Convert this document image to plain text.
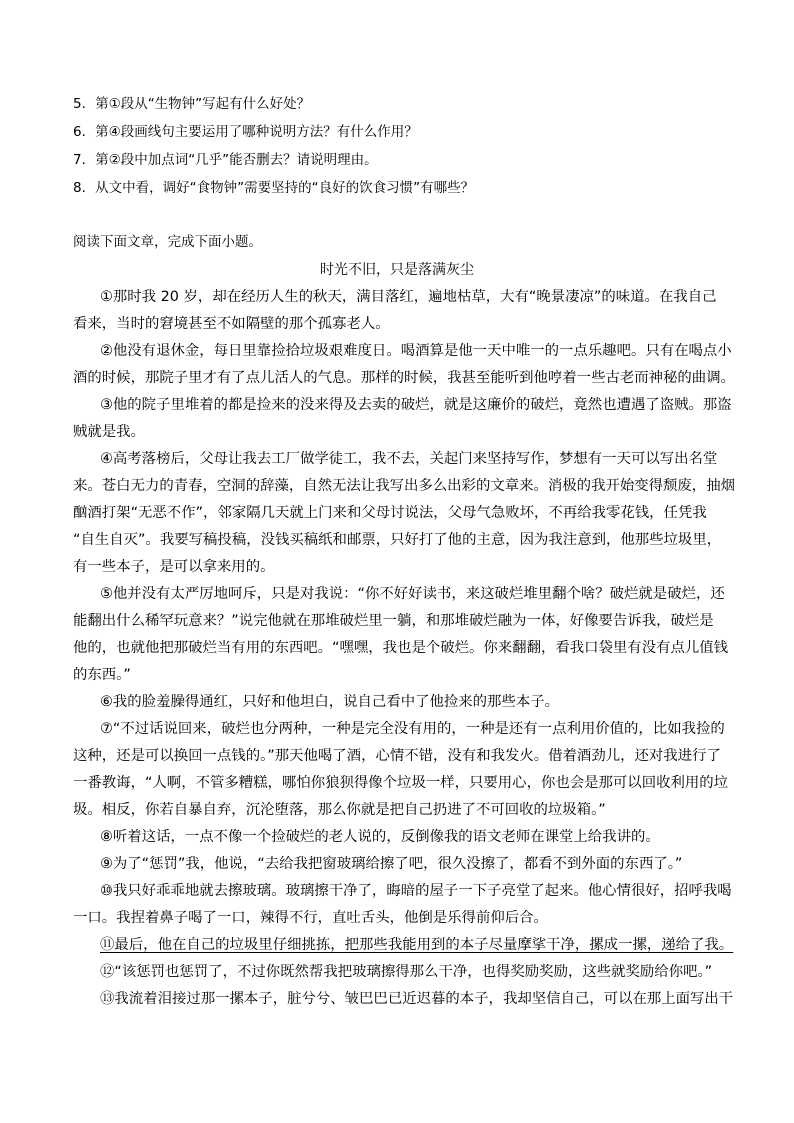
5．第①段从“生物钟”写起有什么好处？
6．第④段画线句主要运用了哪种说明方法？有什么作用？
7．第②段中加点词“几乎”能否删去？请说明理由。
8．从文中看，调好“食物钟”需要坚持的“良好的饮食习惯”有哪些？
阅读下面文章，完成下面小题。
时光不旧，只是落满灰尘
①那时我 20 岁，却在经历人生的秋天，满目落红，遍地枯草，大有“晚景凄凉”的味道。在我自己
看来，当时的窘境甚至不如隔壁的那个孤寡老人。
②他没有退休金，每日里靠捡拾垃圾艰难度日。喝酒算是他一天中唯一的一点乐趣吧。只有在喝点小
酒的时候，那院子里才有了点儿活人的气息。那样的时候，我甚至能听到他哼着一些古老而神秘的曲调。
③他的院子里堆着的都是捡来的没来得及去卖的破烂，就是这廉价的破烂，竟然也遭遇了盗贼。那盗
贼就是我。
④高考落榜后，父母让我去工厂做学徒工，我不去，关起门来坚持写作，梦想有一天可以写出名堂
来。苍白无力的青春，空洞的辞藻，自然无法让我写出多么出彩的文章来。消极的我开始变得颓废，抽烟
酗酒打架“无恶不作”，邻家隔几天就上门来和父母讨说法，父母气急败坏，不再给我零花钱，任凭我
“自生自灭”。我要写稿投稿，没钱买稿纸和邮票，只好打了他的主意，因为我注意到，他那些垃圾里，
有一些本子，是可以拿来用的。
⑤他并没有太严厉地呵斥，只是对我说：“你不好好读书，来这破烂堆里翻个啥？破烂就是破烂，还
能翻出什么稀罕玩意来？”说完他就在那堆破烂里一躺，和那堆破烂融为一体，好像要告诉我，破烂是
他的，也就他把那破烂当有用的东西吧。“嘿嘿，我也是个破烂。你来翻翻，看我口袋里有没有点儿值钱
的东西。”
⑥我的脸羞臊得通红，只好和他坦白，说自己看中了他捡来的那些本子。
⑦“不过话说回来，破烂也分两种，一种是完全没有用的，一种是还有一点利用价值的，比如我捡的
这种，还是可以换回一点钱的。”那天他喝了酒，心情不错，没有和我发火。借着酒劲儿，还对我进行了
一番教诲，“人啊，不管多糟糕，哪怕你狼狈得像个垃圾一样，只要用心，你也会是那可以回收利用的垃
圾。相反，你若自暴自弃，沉沦堕落，那么你就是把自己扔进了不可回收的垃圾箱。”
⑧听着这话，一点不像一个捡破烂的老人说的，反倒像我的语文老师在课堂上给我讲的。
⑨为了“惩罚”我，他说，“去给我把窗玻璃给擦了吧，很久没擦了，都看不到外面的东西了。”
⑩我只好乖乖地就去擦玻璃。玻璃擦干净了，晦暗的屋子一下子亮堂了起来。他心情很好，招呼我喝
一口。我捏着鼻子喝了一口，辣得不行，直吐舌头，他倒是乐得前仰后合。
⑪最后，他在自己的垃圾里仔细挑拣，把那些我能用到的本子尽量摩挲干净，摞成一摞，递给了我。
⑫“该惩罚也惩罚了，不过你既然帮我把玻璃擦得那么干净，也得奖励奖励，这些就奖励给你吧。”
⑬我流着泪接过那一摞本子，脏兮兮、皱巴巴已近迟暮的本子，我却坚信自己，可以在那上面写出干
